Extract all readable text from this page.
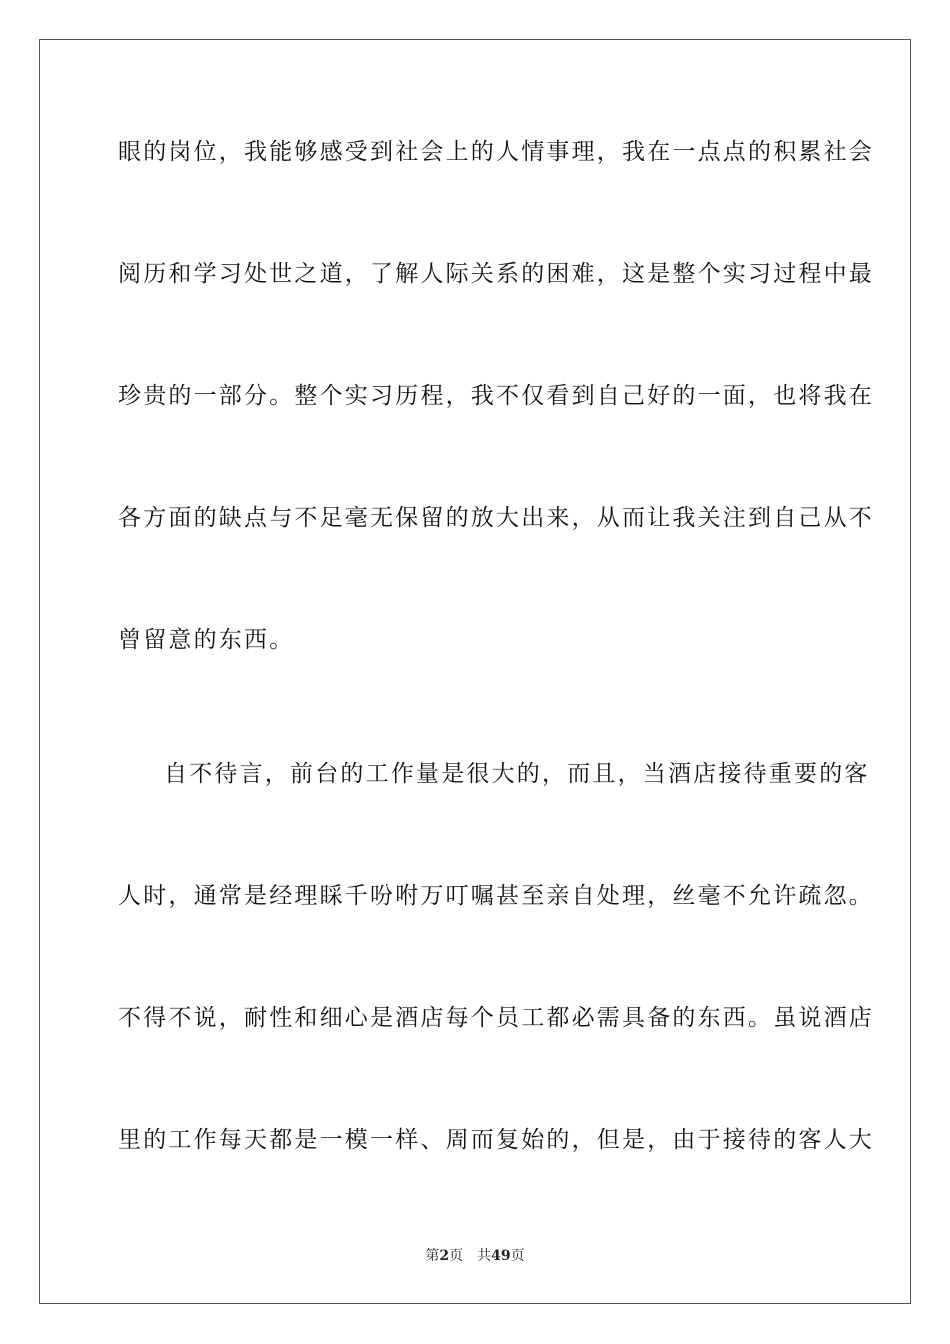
眼的岗位，我能够感受到社会上的人情事理，我在一点点的积累社会
阅历和学习处世之道，了解人际关系的困难，这是整个实习过程中最
珍贵的一部分。整个实习历程，我不仅看到自己好的一面，也将我在
各方面的缺点与不足毫无保留的放大出来，从而让我关注到自己从不
曾留意的东西。
自不待言，前台的工作量是很大的，而且，当酒店接待重要的客
人时，通常是经理睬千吩咐万叮嘱甚至亲自处理，丝毫不允许疏忽。
不得不说，耐性和细心是酒店每个员工都必需具备的东西。虽说酒店
里的工作每天都是一模一样、周而复始的，但是，由于接待的客人大
第2页 共49页
